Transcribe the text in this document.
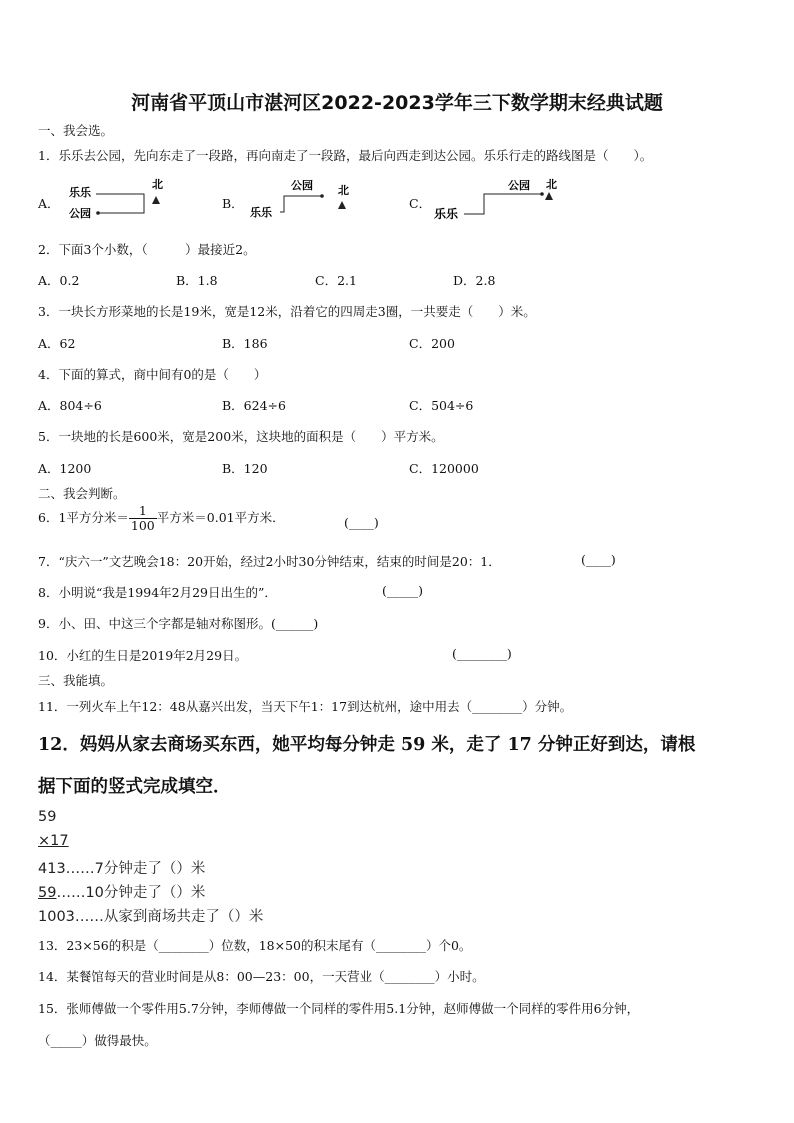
河南省平顶山市湛河区2022-2023学年三下数学期末经典试题
一、我会选。
1．乐乐去公园，先向东走了一段路，再向南走了一段路，最后向西走到达公园。乐乐行走的路线图是（　　）。
A．	B．	C．
乐乐
公园
北	公园
乐乐
北	公园
乐乐
北
2．下面3个小数，（　　　）最接近2。
A．0.2	B．1.8	C．2.1	D．2.8
3．一块长方形菜地的长是19米，宽是12米，沿着它的四周走3圈，一共要走（　　）米。
A．62	B．186	C．200
4．下面的算式，商中间有0的是（　　）
A．804÷6	B．624÷6	C．504÷6
5．一块地的长是600米，宽是200米，这块地的面积是（　　）平方米。
A．1200	B．120	C．120000
二、我会判断。
6．1平方分米＝ $\frac{1}{100}$ 平方米＝0.01平方米．	(____)
7．“庆六一”文艺晚会18：20开始，经过2小时30分钟结束，结束的时间是20：1．	(____)
8．小明说“我是1994年2月29日出生的”．	(_____)
9．小、田、中这三个字都是轴对称图形。(______)
10．小红的生日是2019年2月29日。	(________)
三、我能填。
11．一列火车上午12：48从嘉兴出发，当天下午1：17到达杭州，途中用去（________）分钟。
12．妈妈从家去商场买东西，她平均每分钟走 59 米，走了 17 分钟正好到达，请根
据下面的竖式完成填空．
59
×17
413……7分钟走了（）米
59……10分钟走了（）米
1003……从家到商场共走了（）米
13．23×56的积是（________）位数，18×50的积末尾有（________）个0。
14．某餐馆每天的营业时间是从8：00—23：00，一天营业（________）小时。
15．张师傅做一个零件用5.7分钟，李师傅做一个同样的零件用5.1分钟，赵师傅做一个同样的零件用6分钟，
（_____）做得最快。
